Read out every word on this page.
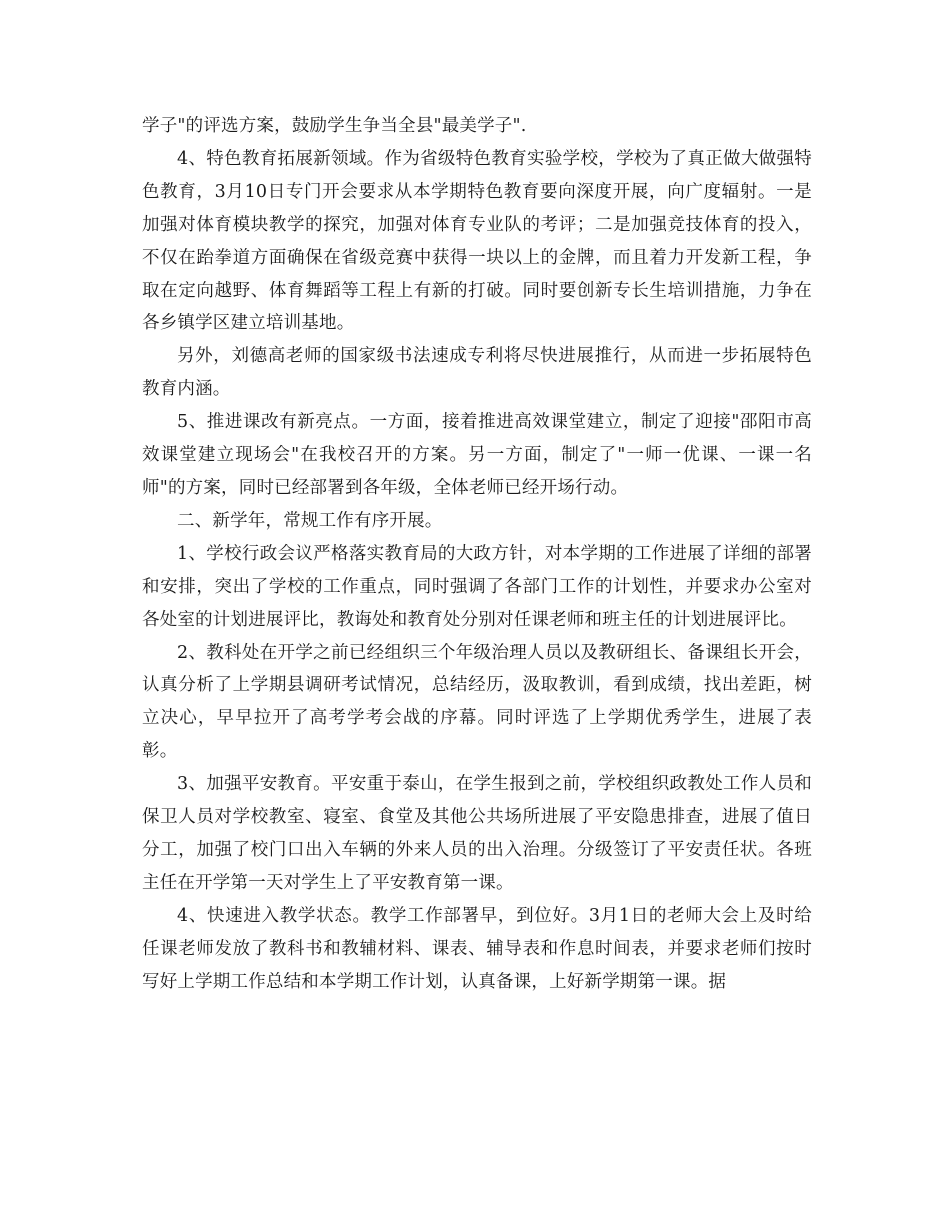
学子"的评选方案，鼓励学生争当全县"最美学子".

4、特色教育拓展新领域。作为省级特色教育实验学校，学校为了真正做大做强特色教育，3月10日专门开会要求从本学期特色教育要向深度开展，向广度辐射。一是加强对体育模块教学的探究，加强对体育专业队的考评；二是加强竞技体育的投入，不仅在跆拳道方面确保在省级竞赛中获得一块以上的金牌，而且着力开发新工程，争取在定向越野、体育舞蹈等工程上有新的打破。同时要创新专长生培训措施，力争在各乡镇学区建立培训基地。

另外，刘德高老师的国家级书法速成专利将尽快进展推行，从而进一步拓展特色教育内涵。

5、推进课改有新亮点。一方面，接着推进高效课堂建立，制定了迎接"邵阳市高效课堂建立现场会"在我校召开的方案。另一方面，制定了"一师一优课、一课一名师"的方案，同时已经部署到各年级，全体老师已经开场行动。

二、新学年，常规工作有序开展。

1、学校行政会议严格落实教育局的大政方针，对本学期的工作进展了详细的部署和安排，突出了学校的工作重点，同时强调了各部门工作的计划性，并要求办公室对各处室的计划进展评比，教诲处和教育处分别对任课老师和班主任的计划进展评比。

2、教科处在开学之前已经组织三个年级治理人员以及教研组长、备课组长开会，认真分析了上学期县调研考试情况，总结经历，汲取教训，看到成绩，找出差距，树立决心，早早拉开了高考学考会战的序幕。同时评选了上学期优秀学生，进展了表彰。

3、加强平安教育。平安重于泰山，在学生报到之前，学校组织政教处工作人员和保卫人员对学校教室、寝室、食堂及其他公共场所进展了平安隐患排查，进展了值日分工，加强了校门口出入车辆的外来人员的出入治理。分级签订了平安责任状。各班主任在开学第一天对学生上了平安教育第一课。

4、快速进入教学状态。教学工作部署早，到位好。3月1日的老师大会上及时给任课老师发放了教科书和教辅材料、课表、辅导表和作息时间表，并要求老师们按时写好上学期工作总结和本学期工作计划，认真备课，上好新学期第一课。据
